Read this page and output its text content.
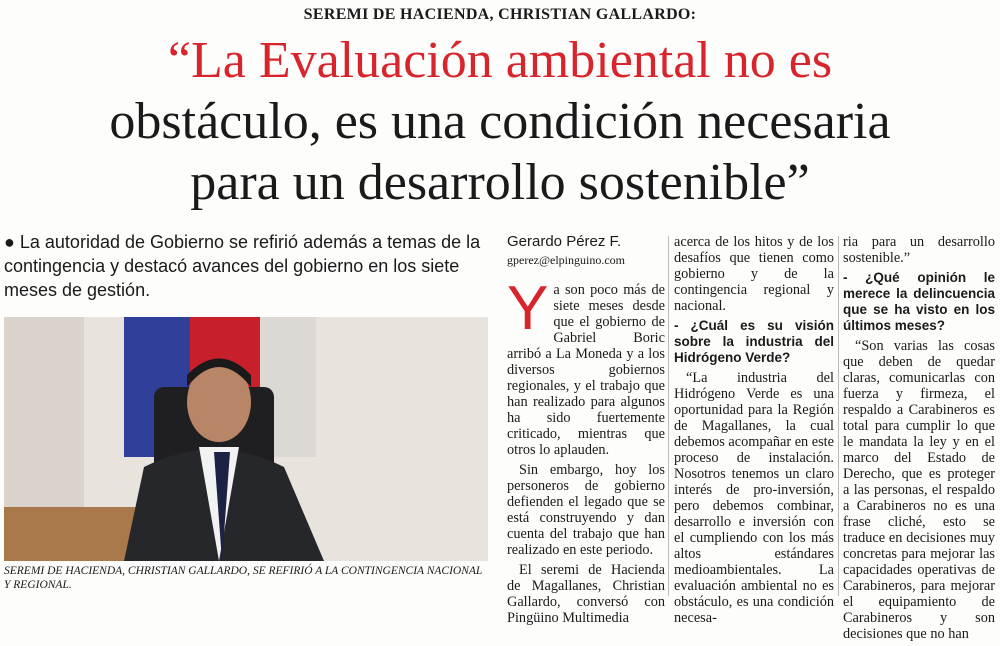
SEREMI DE HACIENDA, CHRISTIAN GALLARDO:
“La Evaluación ambiental no es
obstáculo, es una condición necesaria
para un desarrollo sostenible”
● La autoridad de Gobierno se refirió además a temas de la contingencia y destacó avances del gobierno en los siete meses de gestión.
SEREMI DE HACIENDA, CHRISTIAN GALLARDO, SE REFIRIÓ A LA CONTINGENCIA NACIONAL Y REGIONAL.
Gerardo Pérez F.
gperez@elpinguino.com

Ya son poco más de siete meses desde que el gobierno de Gabriel Boric arribó a La Moneda y a los diversos gobiernos regionales, y el trabajo que han realizado para algunos ha sido fuertemente criticado, mientras que otros lo aplauden.

Sin embargo, hoy los personeros de gobierno defienden el legado que se está construyendo y dan cuenta del trabajo que han realizado en este periodo.

El seremi de Hacienda de Magallanes, Christian Gallardo, conversó con Pingüino Multimedia

acerca de los hitos y de los desafíos que tienen como gobierno y de la contingencia regional y nacional.

- ¿Cuál es su visión sobre la industria del Hidrógeno Verde?

“La industria del Hidrógeno Verde es una oportunidad para la Región de Magallanes, la cual debemos acompañar en este proceso de instalación. Nosotros tenemos un claro interés de pro-inversión, pero debemos combinar, desarrollo e inversión con el cumpliendo con los más altos estándares medioambientales. La evaluación ambiental no es obstáculo, es una condición necesa-

ria para un desarrollo sostenible.”

- ¿Qué opinión le merece la delincuencia que se ha visto en los últimos meses?

“Son varias las cosas que deben de quedar claras, comunicarlas con fuerza y firmeza, el respaldo a Carabineros es total para cumplir lo que le mandata la ley y en el marco del Estado de Derecho, que es proteger a las personas, el respaldo a Carabineros no es una frase cliché, esto se traduce en decisiones muy concretas para mejorar las capacidades operativas de Carabineros, para mejorar el equipamiento de Carabineros y son decisiones que no han
